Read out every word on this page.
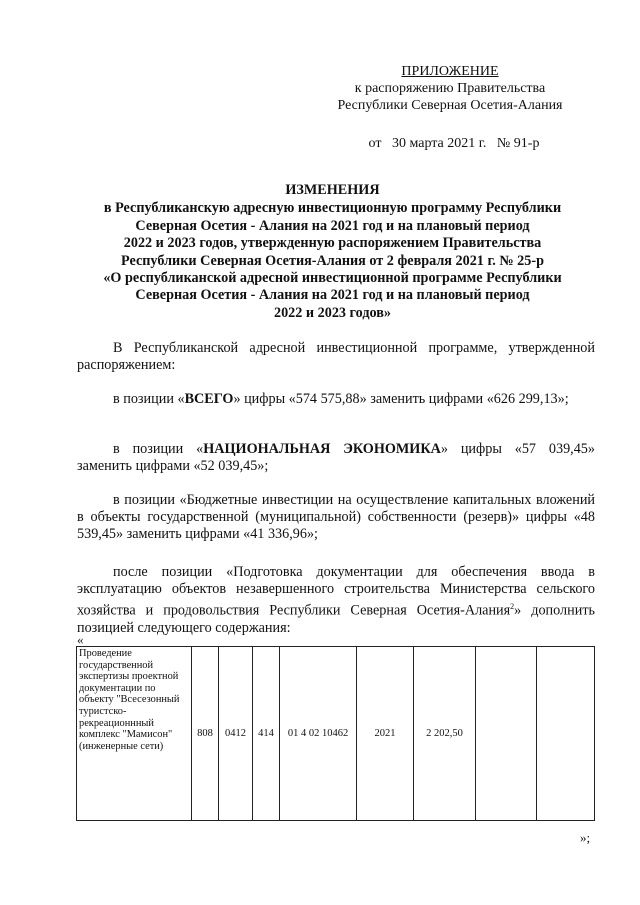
ПРИЛОЖЕНИЕ
к распоряжению Правительства
Республики Северная Осетия-Алания
от   30 марта 2021 г.   № 91-р
ИЗМЕНЕНИЯ
в Республиканскую адресную инвестиционную программу Республики
Северная Осетия - Алания на 2021 год и на плановый период
2022 и 2023 годов, утвержденную распоряжением Правительства
Республики Северная Осетия-Алания от 2 февраля 2021 г. № 25-р
«О республиканской адресной инвестиционной программе Республики
Северная Осетия - Алания на 2021 год и на плановый период
2022 и 2023 годов»
В Республиканской адресной инвестиционной программе, утвержденной распоряжением:
в позиции «ВСЕГО» цифры «574 575,88» заменить цифрами «626 299,13»;
в позиции «НАЦИОНАЛЬНАЯ ЭКОНОМИКА» цифры «57 039,45» заменить цифрами «52 039,45»;
в позиции «Бюджетные инвестиции на осуществление капитальных вложений в объекты государственной (муниципальной) собственности (резерв)» цифры «48 539,45» заменить цифрами «41 336,96»;
после позиции «Подготовка документации для обеспечения ввода в эксплуатацию объектов незавершенного строительства Министерства сельского хозяйства и продовольствия Республики Северная Осетия-Алания$^2$» дополнить позицией следующего содержания:
«
Проведение государственной экспертизы проектной документации по объекту "Всесезонный туристско-рекреационнный комплекс "Мамисон" (инженерные сети)	808	0412	414	01 4 02 10462	2021	2 202,50		
»;
